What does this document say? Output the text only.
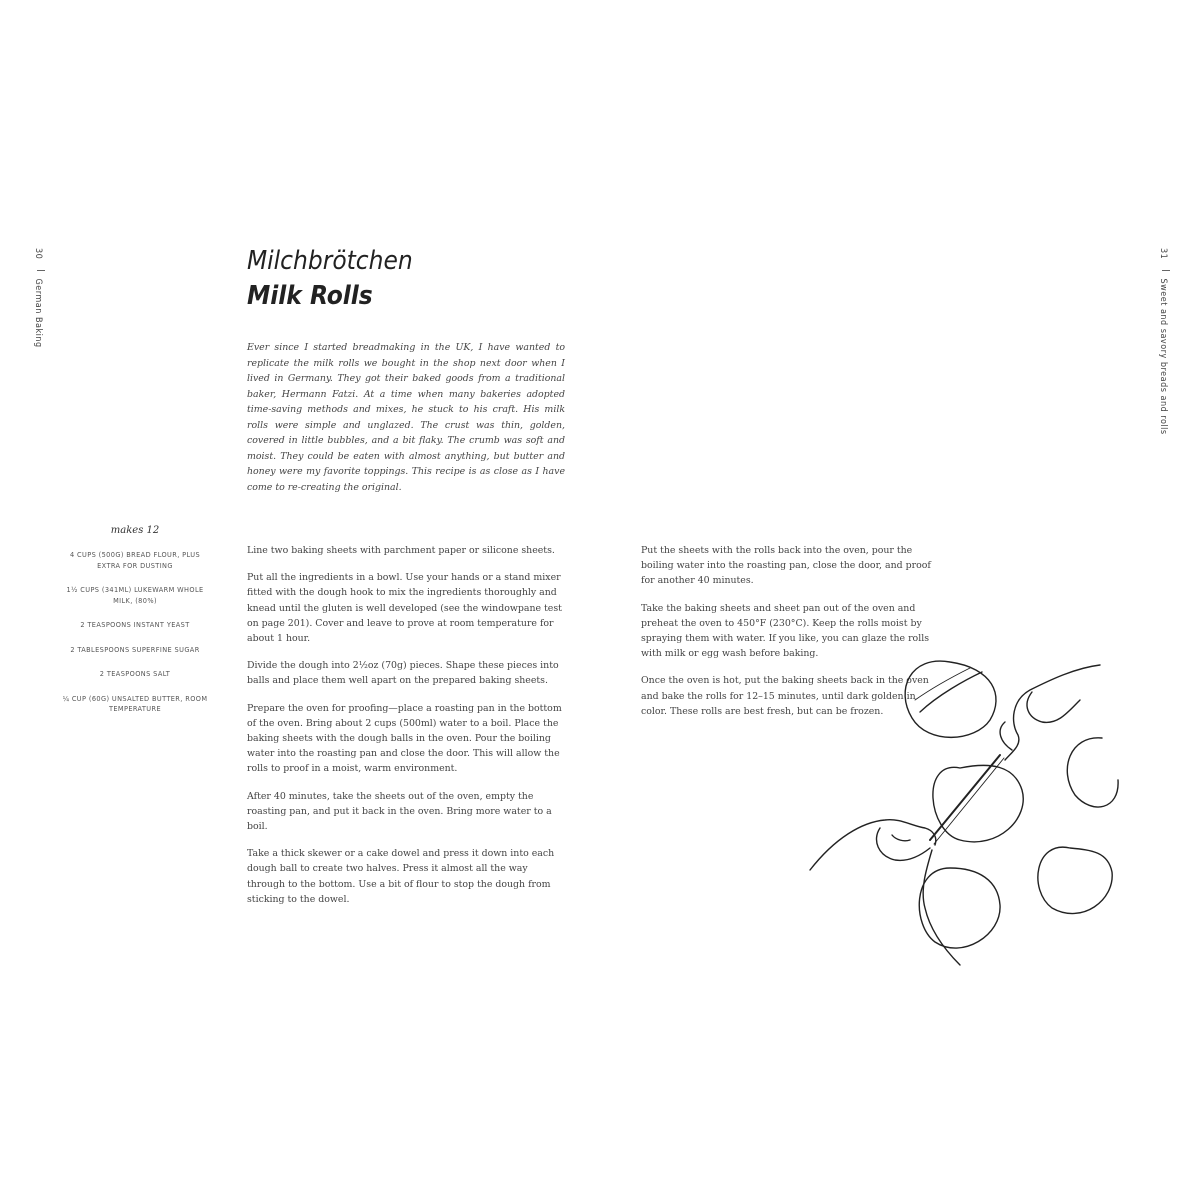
30  German Baking
31  Sweet and savory breads and rolls
Milchbrötchen
Milk Rolls

Ever since I started breadmaking in the UK, I have wanted to replicate the milk rolls we bought in the shop next door when I lived in Germany. They got their baked goods from a traditional baker, Hermann Fatzi. At a time when many bakeries adopted time-saving methods and mixes, he stuck to his craft. His milk rolls were simple and unglazed. The crust was thin, golden, covered in little bubbles, and a bit flaky. The crumb was soft and moist. They could be eaten with almost anything, but butter and honey were my favorite toppings. This recipe is as close as I have come to re-creating the original.

makes 12
4 CUPS (500G) BREAD FLOUR, PLUS EXTRA FOR DUSTING
1½ CUPS (341ML) LUKEWARM WHOLE MILK, (80%)
2 TEASPOONS INSTANT YEAST
2 TABLESPOONS SUPERFINE SUGAR
2 TEASPOONS SALT
¼ CUP (60G) UNSALTED BUTTER, ROOM TEMPERATURE

Line two baking sheets with parchment paper or silicone sheets.

Put all the ingredients in a bowl. Use your hands or a stand mixer fitted with the dough hook to mix the ingredients thoroughly and knead until the gluten is well developed (see the windowpane test on page 201). Cover and leave to prove at room temperature for about 1 hour.

Divide the dough into 2½oz (70g) pieces. Shape these pieces into balls and place them well apart on the prepared baking sheets.

Prepare the oven for proofing—place a roasting pan in the bottom of the oven. Bring about 2 cups (500ml) water to a boil. Place the baking sheets with the dough balls in the oven. Pour the boiling water into the roasting pan and close the door. This will allow the rolls to proof in a moist, warm environment.

After 40 minutes, take the sheets out of the oven, empty the roasting pan, and put it back in the oven. Bring more water to a boil.

Take a thick skewer or a cake dowel and press it down into each dough ball to create two halves. Press it almost all the way through to the bottom. Use a bit of flour to stop the dough from sticking to the dowel.

Put the sheets with the rolls back into the oven, pour the boiling water into the roasting pan, close the door, and proof for another 40 minutes.

Take the baking sheets and sheet pan out of the oven and preheat the oven to 450°F (230°C). Keep the rolls moist by spraying them with water. If you like, you can glaze the rolls with milk or egg wash before baking.

Once the oven is hot, put the baking sheets back in the oven and bake the rolls for 12–15 minutes, until dark golden in color. These rolls are best fresh, but can be frozen.
